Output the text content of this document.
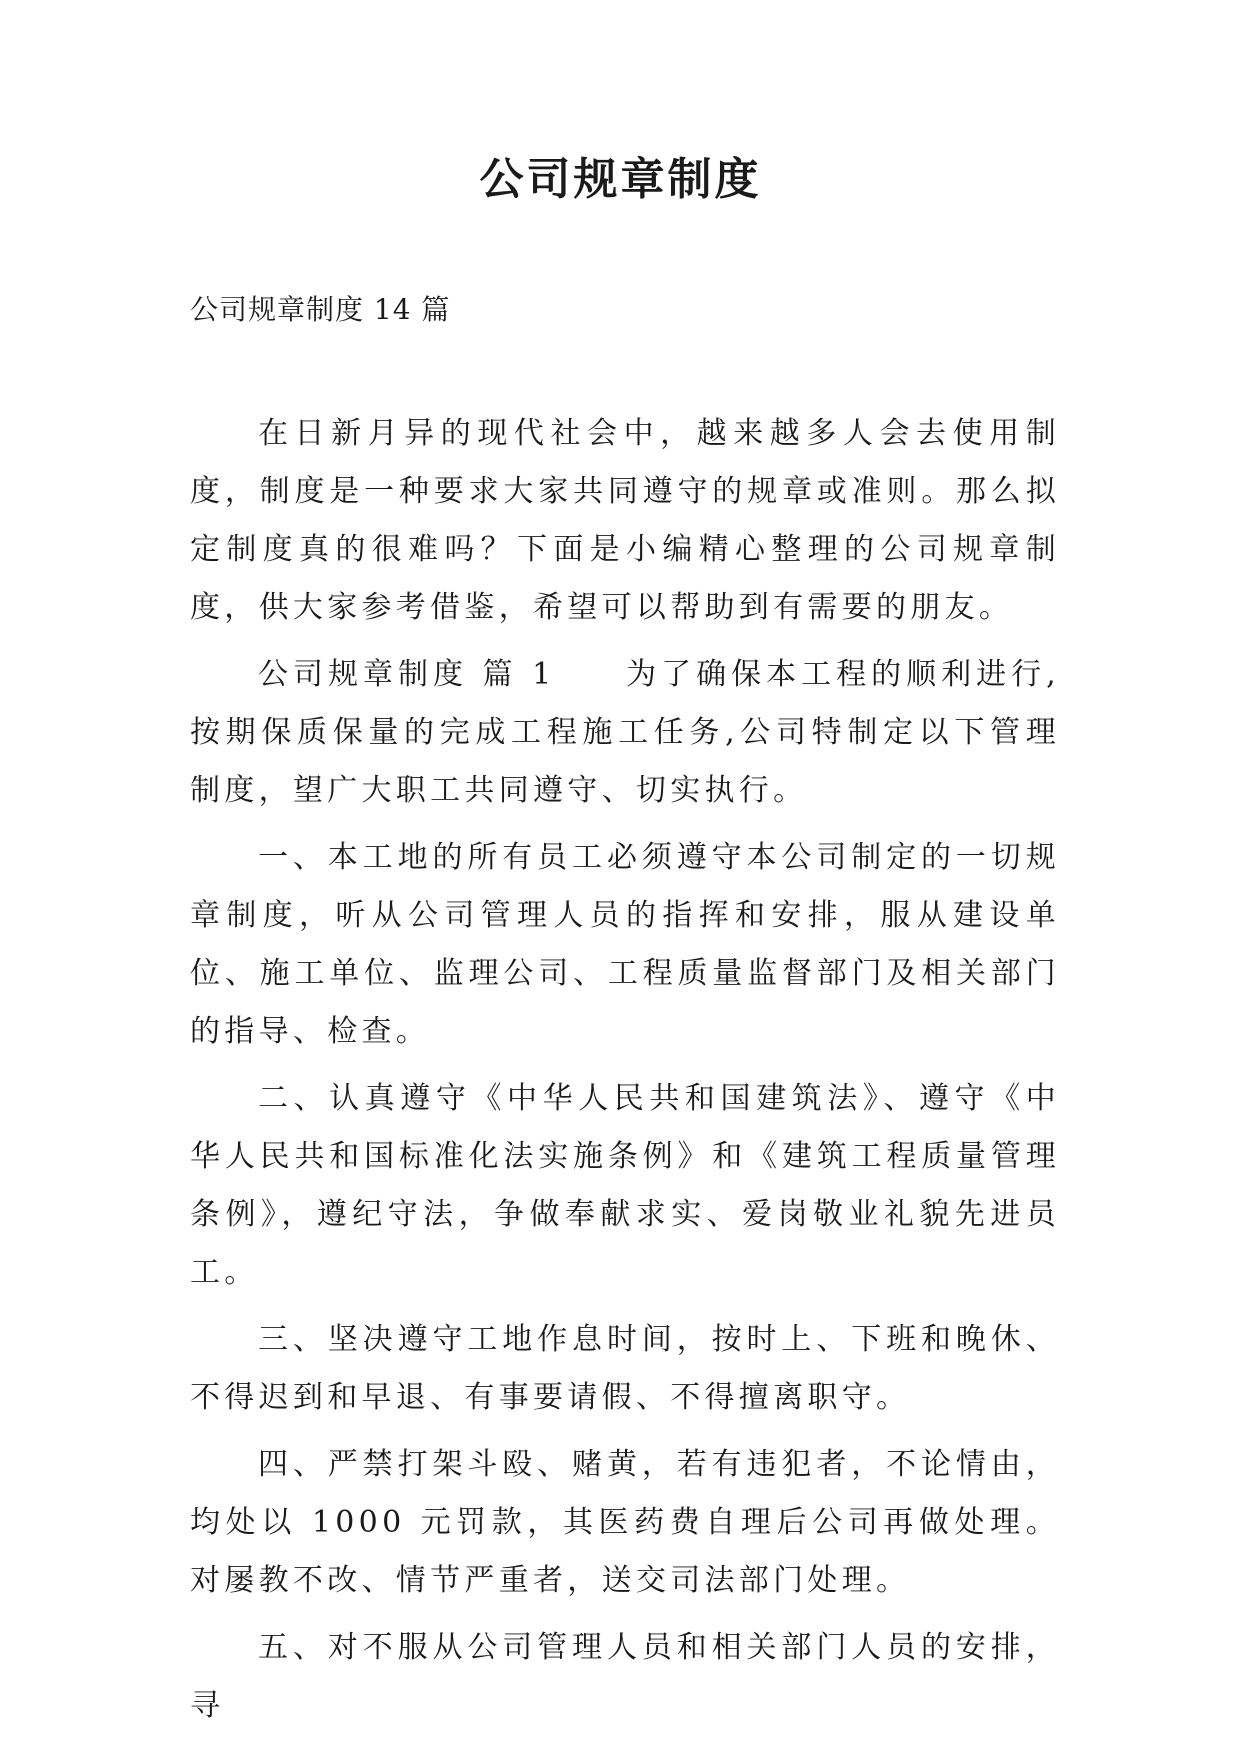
公司规章制度

公司规章制度 14 篇

在日新月异的现代社会中，越来越多人会去使用制度，制度是一种要求大家共同遵守的规章或准则。那么拟定制度真的很难吗？下面是小编精心整理的公司规章制度，供大家参考借鉴，希望可以帮助到有需要的朋友。

公司规章制度 篇 1　　为了确保本工程的顺利进行,按期保质保量的完成工程施工任务,公司特制定以下管理制度，望广大职工共同遵守、切实执行。

一、本工地的所有员工必须遵守本公司制定的一切规章制度，听从公司管理人员的指挥和安排，服从建设单位、施工单位、监理公司、工程质量监督部门及相关部门的指导、检查。

二、认真遵守《中华人民共和国建筑法》、遵守《中华人民共和国标准化法实施条例》和《建筑工程质量管理条例》，遵纪守法，争做奉献求实、爱岗敬业礼貌先进员工。

三、坚决遵守工地作息时间，按时上、下班和晚休、不得迟到和早退、有事要请假、不得擅离职守。

四、严禁打架斗殴、赌黄，若有违犯者，不论情由，均处以 1000 元罚款，其医药费自理后公司再做处理。对屡教不改、情节严重者，送交司法部门处理。

五、对不服从公司管理人员和相关部门人员的安排，寻
